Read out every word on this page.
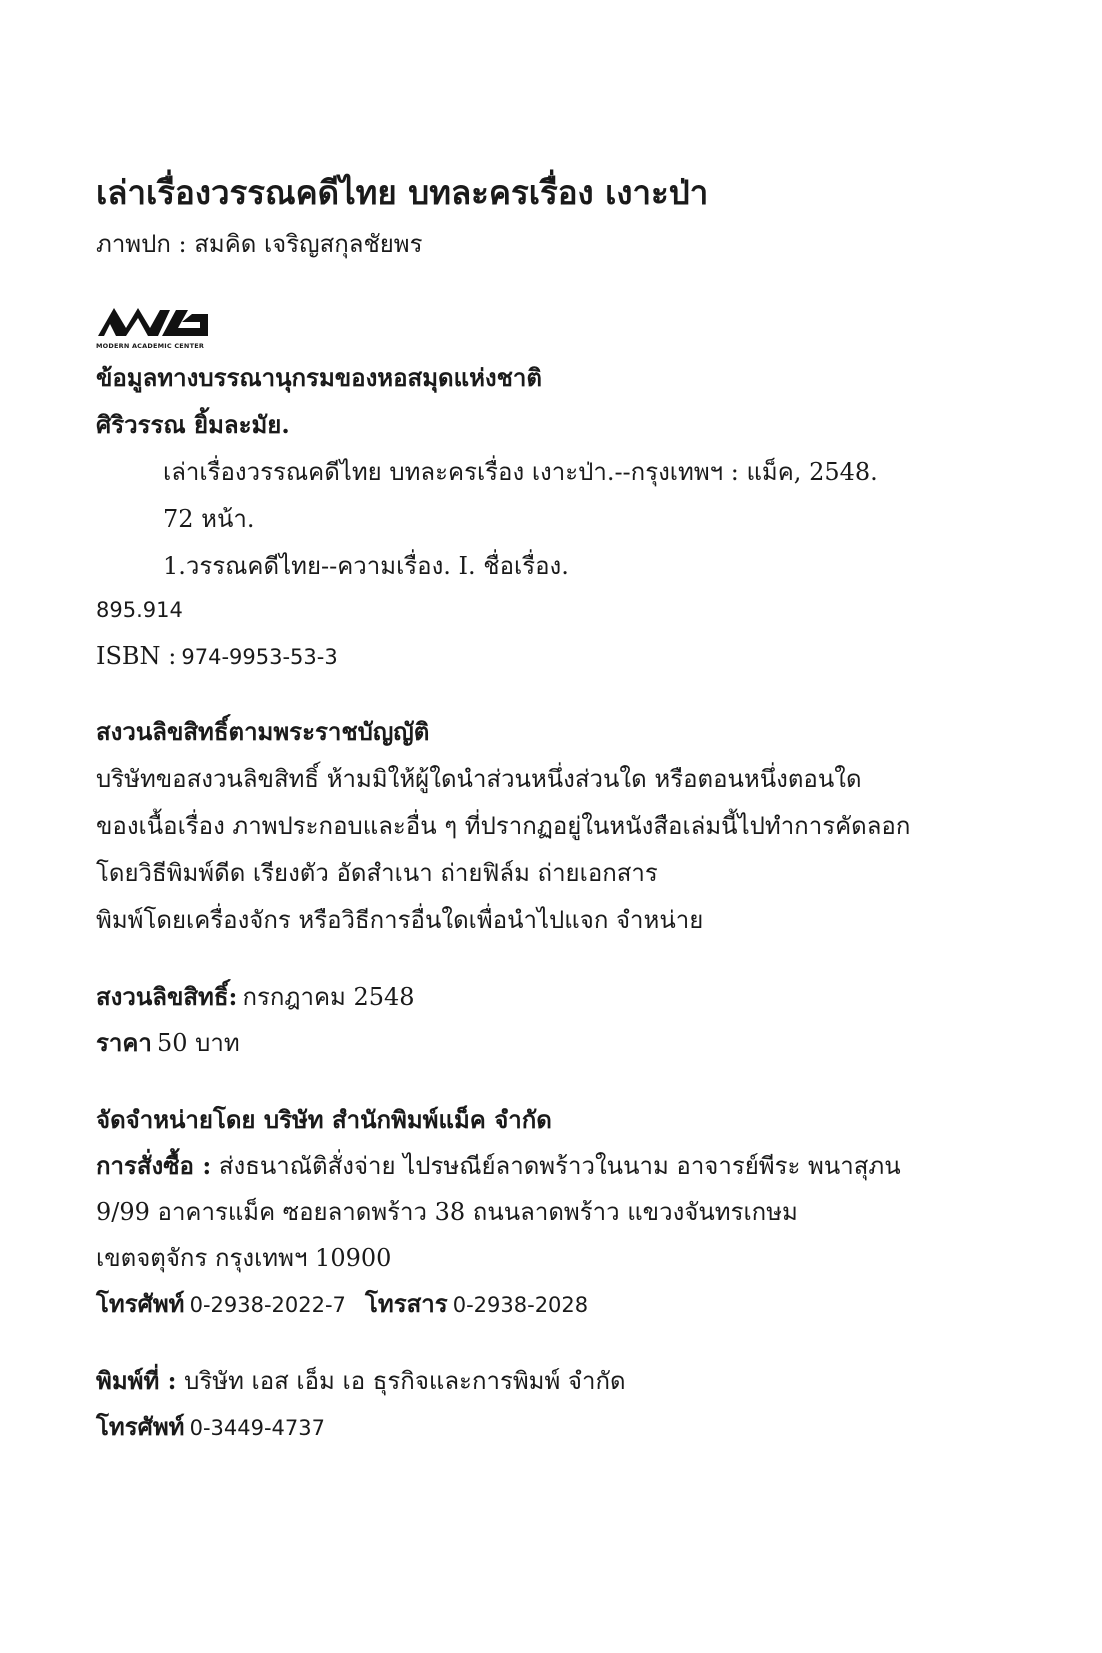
เล่าเรื่องวรรณคดีไทย บทละครเรื่อง เงาะป่า
ภาพปก : สมคิด เจริญสกุลชัยพร
MODERN ACADEMIC CENTER
ข้อมูลทางบรรณานุกรมของหอสมุดแห่งชาติ
ศิริวรรณ ยิ้มละมัย.
เล่าเรื่องวรรณคดีไทย บทละครเรื่อง เงาะป่า.--กรุงเทพฯ : แม็ค, 2548.
72 หน้า.
1.วรรณคดีไทย--ความเรื่อง. I. ชื่อเรื่อง.
895.914
ISBN : 974-9953-53-3
สงวนลิขสิทธิ์ตามพระราชบัญญัติ
บริษัทขอสงวนลิขสิทธิ์ ห้ามมิให้ผู้ใดนำส่วนหนึ่งส่วนใด หรือตอนหนึ่งตอนใด
ของเนื้อเรื่อง ภาพประกอบและอื่น ๆ ที่ปรากฏอยู่ในหนังสือเล่มนี้ไปทำการคัดลอก
โดยวิธีพิมพ์ดีด เรียงตัว อัดสำเนา ถ่ายฟิล์ม ถ่ายเอกสาร
พิมพ์โดยเครื่องจักร หรือวิธีการอื่นใดเพื่อนำไปแจก จำหน่าย
สงวนลิขสิทธิ์: กรกฎาคม 2548
ราคา 50 บาท
จัดจำหน่ายโดย บริษัท สำนักพิมพ์แม็ค จำกัด
การสั่งซื้อ : ส่งธนาณัติสั่งจ่าย ไปรษณีย์ลาดพร้าวในนาม อาจารย์พีระ พนาสุภน
9/99 อาคารแม็ค ซอยลาดพร้าว 38 ถนนลาดพร้าว แขวงจันทรเกษม
เขตจตุจักร กรุงเทพฯ 10900
โทรศัพท์ 0-2938-2022-7 โทรสาร 0-2938-2028
พิมพ์ที่ : บริษัท เอส เอ็ม เอ ธุรกิจและการพิมพ์ จำกัด
โทรศัพท์ 0-3449-4737
